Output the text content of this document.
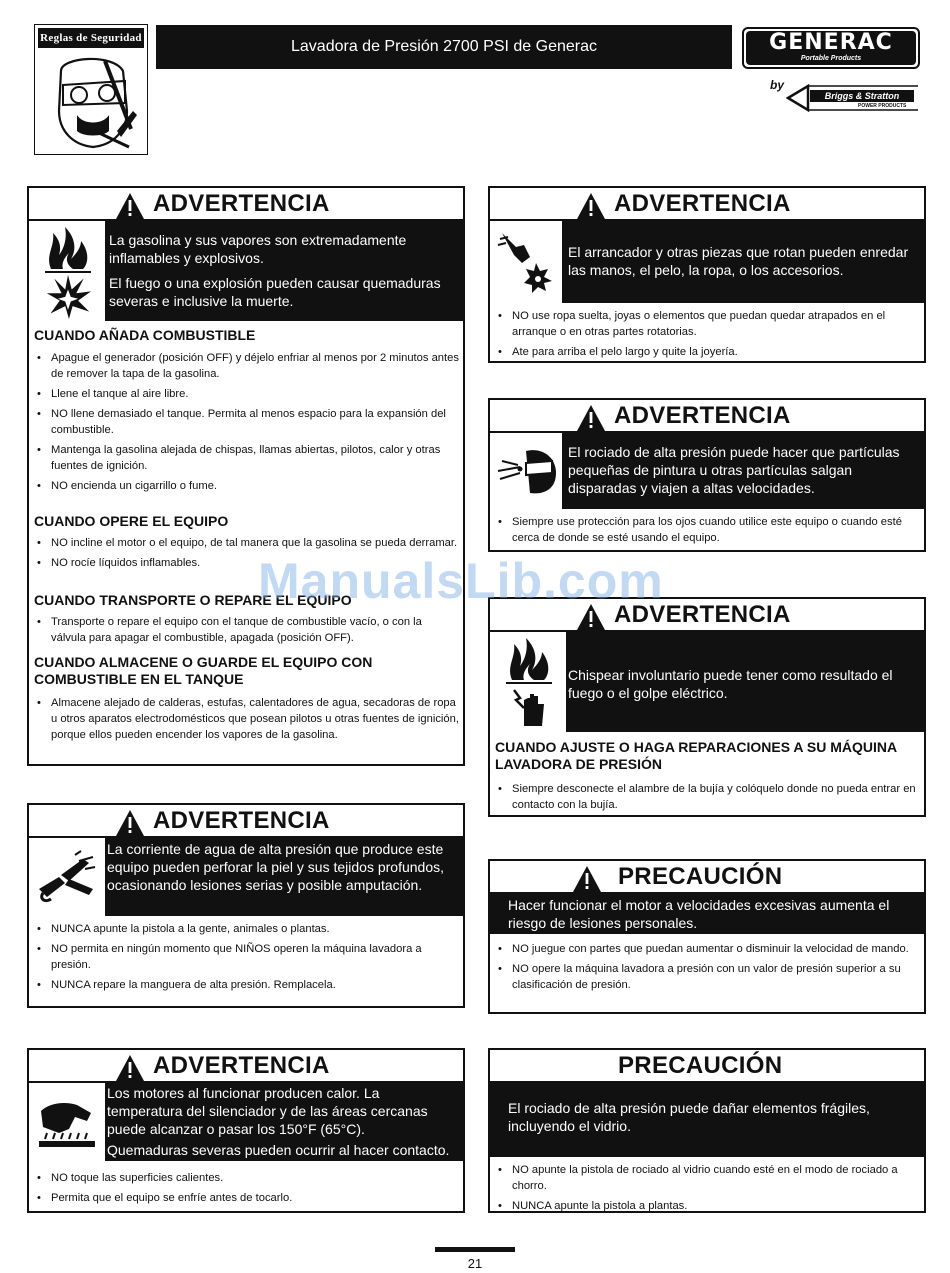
Reglas de Seguridad	Lavadora de Presión 2700 PSI de Generac	GENERAC
Portable Products
by
Briggs & Stratton
POWER PRODUCTS
ADVERTENCIA
La gasolina y sus vapores son extremadamente inflamables y explosivos.
El fuego o una explosión pueden causar quemaduras severas e inclusive la muerte.
CUANDO AÑADA COMBUSTIBLE
• Apague el generador (posición OFF) y déjelo enfriar al menos por 2 minutos antes de remover la tapa de la gasolina.
• Llene el tanque al aire libre.
• NO llene demasiado el tanque. Permita al menos espacio para la expansión del combustible.
• Mantenga la gasolina alejada de chispas, llamas abiertas, pilotos, calor y otras fuentes de ignición.
• NO encienda un cigarrillo o fume.
CUANDO OPERE EL EQUIPO
• NO incline el motor o el equipo, de tal manera que la gasolina se pueda derramar.
• NO rocíe líquidos inflamables.
CUANDO TRANSPORTE O REPARE EL EQUIPO
• Transporte o repare el equipo con el tanque de combustible vacío, o con la válvula para apagar el combustible, apagada (posición OFF).
CUANDO ALMACENE O GUARDE EL EQUIPO CON COMBUSTIBLE EN EL TANQUE
• Almacene alejado de calderas, estufas, calentadores de agua, secadoras de ropa u otros aparatos electrodomésticos que posean pilotos u otras fuentes de ignición, porque ellos pueden encender los vapores de la gasolina.
ADVERTENCIA
La corriente de agua de alta presión que produce este equipo pueden perforar la piel y sus tejidos profundos, ocasionando lesiones serias y posible amputación.
• NUNCA apunte la pistola a la gente, animales o plantas.
• NO permita en ningún momento que NIÑOS operen la máquina lavadora a presión.
• NUNCA repare la manguera de alta presión. Remplacela.
ADVERTENCIA
Los motores al funcionar producen calor. La temperatura del silenciador y de las áreas cercanas puede alcanzar o pasar los 150°F (65°C).
Quemaduras severas pueden ocurrir al hacer contacto.
• NO toque las superficies calientes.
• Permita que el equipo se enfríe antes de tocarlo.
ADVERTENCIA
El arrancador y otras piezas que rotan pueden enredar las manos, el pelo, la ropa, o los accesorios.
• NO use ropa suelta, joyas o elementos que puedan quedar atrapados en el arranque o en otras partes rotatorias.
• Ate para arriba el pelo largo y quite la joyería.
ADVERTENCIA
El rociado de alta presión puede hacer que partículas pequeñas de pintura u otras partículas salgan disparadas y viajen a altas velocidades.
• Siempre use protección para los ojos cuando utilice este equipo o cuando esté cerca de donde se esté usando el equipo.
ADVERTENCIA
Chispear involuntario puede tener como resultado el fuego o el golpe eléctrico.
CUANDO AJUSTE O HAGA REPARACIONES A SU MÁQUINA LAVADORA DE PRESIÓN
• Siempre desconecte el alambre de la bujía y colóquelo donde no pueda entrar en contacto con la bujía.
PRECAUCIÓN
Hacer funcionar el motor a velocidades excesivas aumenta el riesgo de lesiones personales.
• NO juegue con partes que puedan aumentar o disminuir la velocidad de mando.
• NO opere la máquina lavadora a presión con un valor de presión superior a su clasificación de presión.
PRECAUCIÓN
El rociado de alta presión puede dañar elementos frágiles, incluyendo el vidrio.
• NO apunte la pistola de rociado al vidrio cuando esté en el modo de rociado a chorro.
• NUNCA apunte la pistola a plantas.
ManualsLib.com
21
